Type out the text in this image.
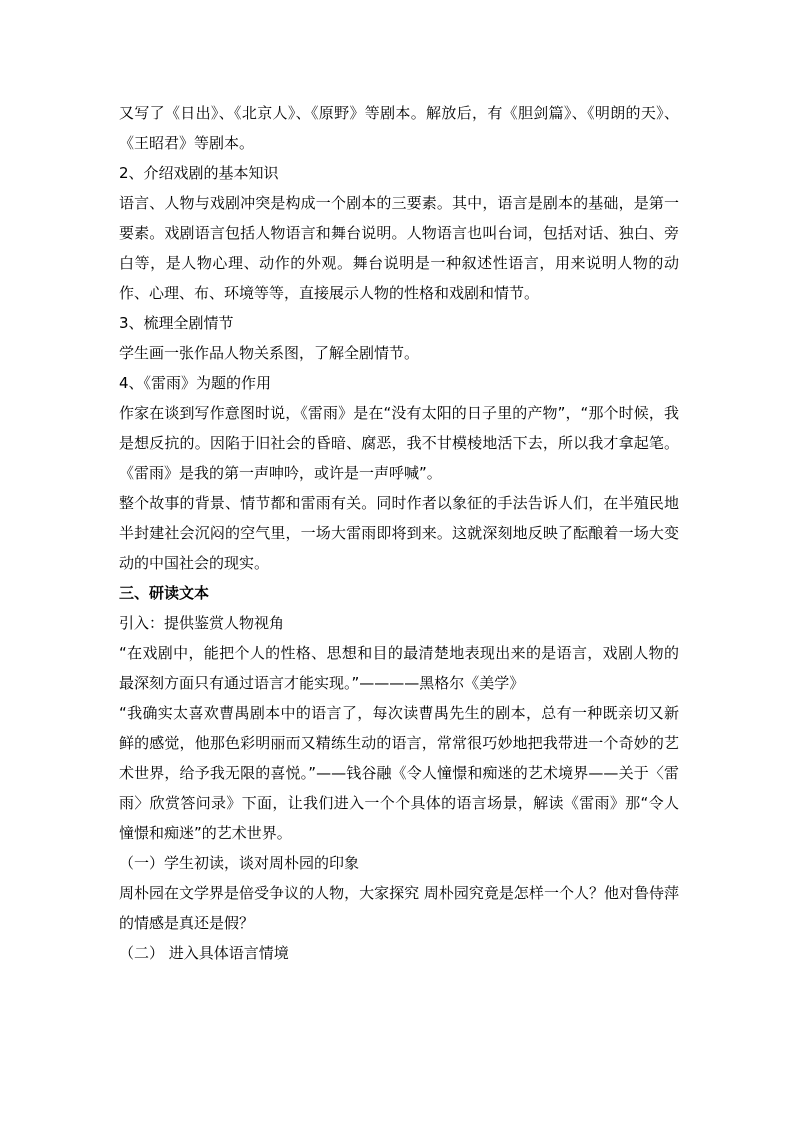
又写了《日出》、《北京人》、《原野》等剧本。解放后，有《胆剑篇》、《明朗的天》、《王昭君》等剧本。

2、介绍戏剧的基本知识

语言、人物与戏剧冲突是构成一个剧本的三要素。其中，语言是剧本的基础，是第一要素。戏剧语言包括人物语言和舞台说明。人物语言也叫台词，包括对话、独白、旁白等，是人物心理、动作的外观。舞台说明是一种叙述性语言，用来说明人物的动作、心理、布、环境等等，直接展示人物的性格和戏剧和情节。

3、梳理全剧情节

学生画一张作品人物关系图，了解全剧情节。

4、《雷雨》为题的作用

作家在谈到写作意图时说，《雷雨》是在“没有太阳的日子里的产物”，“那个时候，我是想反抗的。因陷于旧社会的昏暗、腐恶，我不甘模棱地活下去，所以我才拿起笔。《雷雨》是我的第一声呻吟，或许是一声呼喊”。

整个故事的背景、情节都和雷雨有关。同时作者以象征的手法告诉人们，在半殖民地半封建社会沉闷的空气里，一场大雷雨即将到来。这就深刻地反映了酝酿着一场大变动的中国社会的现实。

三、研读文本

引入：提供鉴赏人物视角

“在戏剧中，能把个人的性格、思想和目的最清楚地表现出来的是语言，戏剧人物的最深刻方面只有通过语言才能实现。”————黑格尔《美学》

“我确实太喜欢曹禺剧本中的语言了，每次读曹禺先生的剧本，总有一种既亲切又新鲜的感觉，他那色彩明丽而又精练生动的语言，常常很巧妙地把我带进一个奇妙的艺术世界，给予我无限的喜悦。”——钱谷融《令人憧憬和痴迷的艺术境界——关于〈雷雨〉欣赏答问录》下面，让我们进入一个个具体的语言场景，解读《雷雨》那“令人憧憬和痴迷”的艺术世界。

（一）学生初读，谈对周朴园的印象

周朴园在文学界是倍受争议的人物，大家探究 周朴园究竟是怎样一个人？他对鲁侍萍的情感是真还是假？

（二） 进入具体语言情境
